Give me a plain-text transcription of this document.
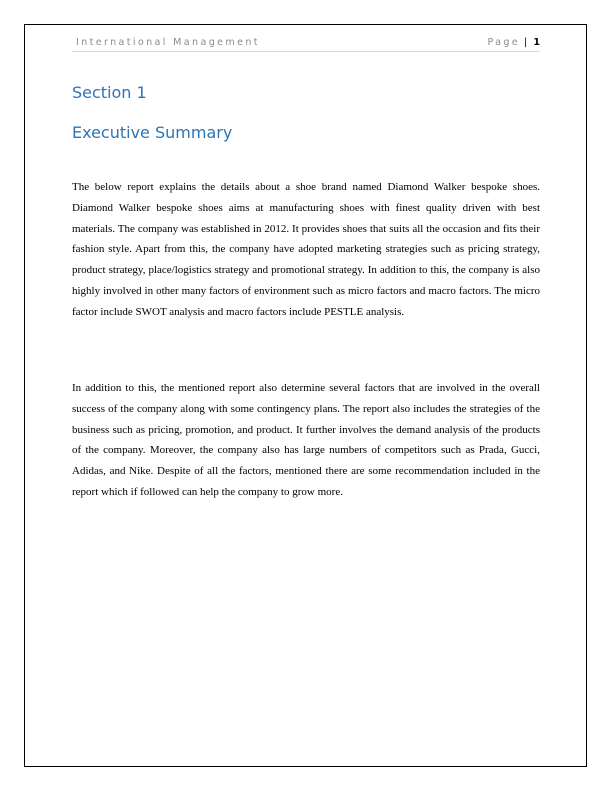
International Management	Page | 1
Section 1
Executive Summary

The below report explains the details about a shoe brand named Diamond Walker bespoke shoes. Diamond Walker bespoke shoes aims at manufacturing shoes with finest quality driven with best materials. The company was established in 2012. It provides shoes that suits all the occasion and fits their fashion style. Apart from this, the company have adopted marketing strategies such as pricing strategy, product strategy, place/logistics strategy and promotional strategy. In addition to this, the company is also highly involved in other many factors of environment such as micro factors and macro factors. The micro factor include SWOT analysis and macro factors include PESTLE analysis.

In addition to this, the mentioned report also determine several factors that are involved in the overall success of the company along with some contingency plans. The report also includes the strategies of the business such as pricing, promotion, and product. It further involves the demand analysis of the products of the company. Moreover, the company also has large numbers of competitors such as Prada, Gucci, Adidas, and Nike. Despite of all the factors, mentioned there are some recommendation included in the report which if followed can help the company to grow more.
